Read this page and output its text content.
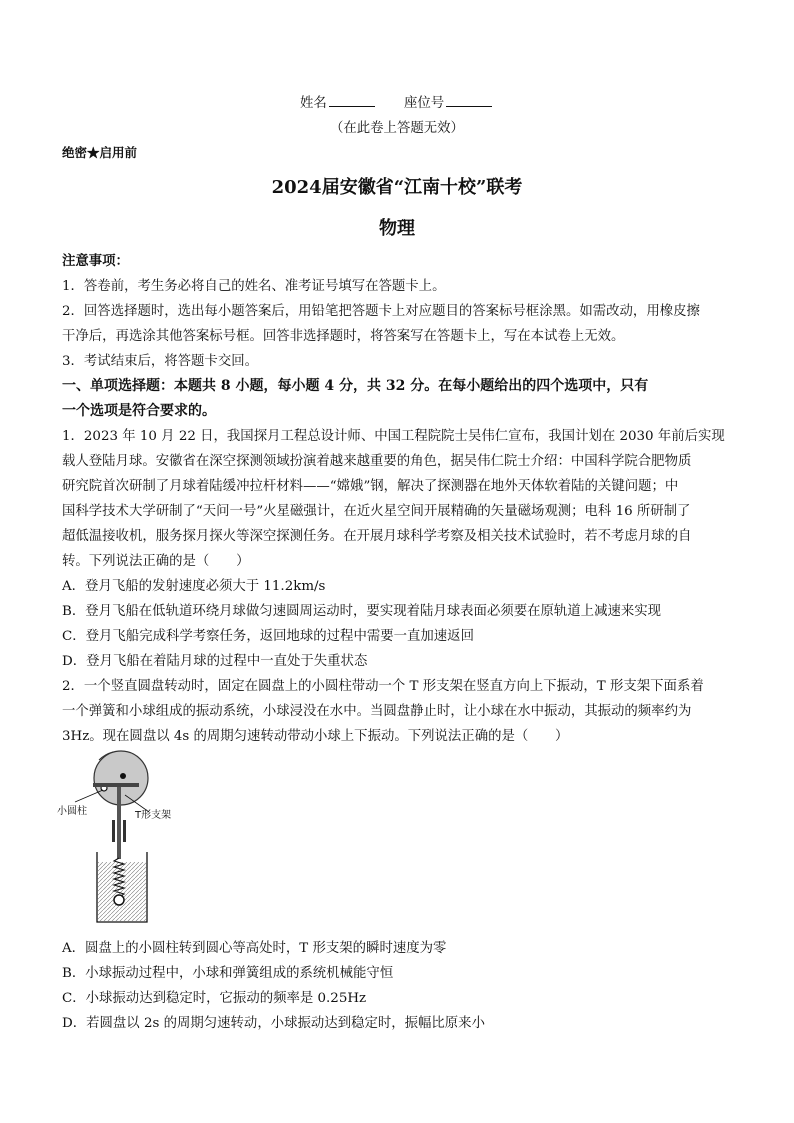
姓名	座位号
（在此卷上答题无效）
绝密★启用前
2024届安徽省“江南十校”联考
物理
注意事项：
1．答卷前，考生务必将自己的姓名、准考证号填写在答题卡上。
2．回答选择题时，选出每小题答案后，用铅笔把答题卡上对应题目的答案标号框涂黑。如需改动，用橡皮擦
干净后，再选涂其他答案标号框。回答非选择题时，将答案写在答题卡上，写在本试卷上无效。
3．考试结束后，将答题卡交回。
一、单项选择题：本题共 8 小题，每小题 4 分，共 32 分。在每小题给出的四个选项中，只有
一个选项是符合要求的。
1．2023 年 10 月 22 日，我国探月工程总设计师、中国工程院院士吴伟仁宣布，我国计划在 2030 年前后实现
载人登陆月球。安徽省在深空探测领域扮演着越来越重要的角色，据吴伟仁院士介绍：中国科学院合肥物质
研究院首次研制了月球着陆缓冲拉杆材料——“嫦娥”钢，解决了探测器在地外天体软着陆的关键问题；中
国科学技术大学研制了“天问一号”火星磁强计，在近火星空间开展精确的矢量磁场观测；电科 16 所研制了
超低温接收机，服务探月探火等深空探测任务。在开展月球科学考察及相关技术试验时，若不考虑月球的自
转。下列说法正确的是（　　）
A．登月飞船的发射速度必须大于 11.2km/s
B．登月飞船在低轨道环绕月球做匀速圆周运动时，要实现着陆月球表面必须要在原轨道上减速来实现
C．登月飞船完成科学考察任务，返回地球的过程中需要一直加速返回
D．登月飞船在着陆月球的过程中一直处于失重状态
2．一个竖直圆盘转动时，固定在圆盘上的小圆柱带动一个 T 形支架在竖直方向上下振动，T 形支架下面系着
一个弹簧和小球组成的振动系统，小球浸没在水中。当圆盘静止时，让小球在水中振动，其振动的频率约为
3Hz。现在圆盘以 4s 的周期匀速转动带动小球上下振动。下列说法正确的是（　　）
小圆柱	T形支架
A．圆盘上的小圆柱转到圆心等高处时，T 形支架的瞬时速度为零
B．小球振动过程中，小球和弹簧组成的系统机械能守恒
C．小球振动达到稳定时，它振动的频率是 0.25Hz
D．若圆盘以 2s 的周期匀速转动，小球振动达到稳定时，振幅比原来小
